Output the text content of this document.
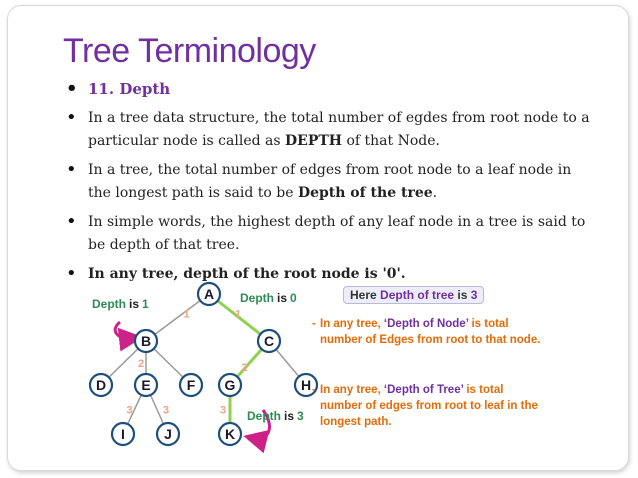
Tree Terminology
• 11. Depth
• In a tree data structure, the total number of egdes from root node to a particular node is called as DEPTH of that Node.
• In a tree, the total number of edges from root node to a leaf node in the longest path is said to be Depth of the tree.
• In simple words, the highest depth of any leaf node in a tree is said to be depth of that tree.
• In any tree, depth of the root node is '0'.
1	1
2	2
3	3	3
A
B	C
D	E	F G	H
I	J	K
Depth is 1	Depth is 0
Depth is 3
Here Depth of tree is 3
- In any tree, ‘Depth of Node’ is total number of Edges from root to that node.
- In any tree, ‘Depth of Tree’ is total number of edges from root to leaf in the longest path.
